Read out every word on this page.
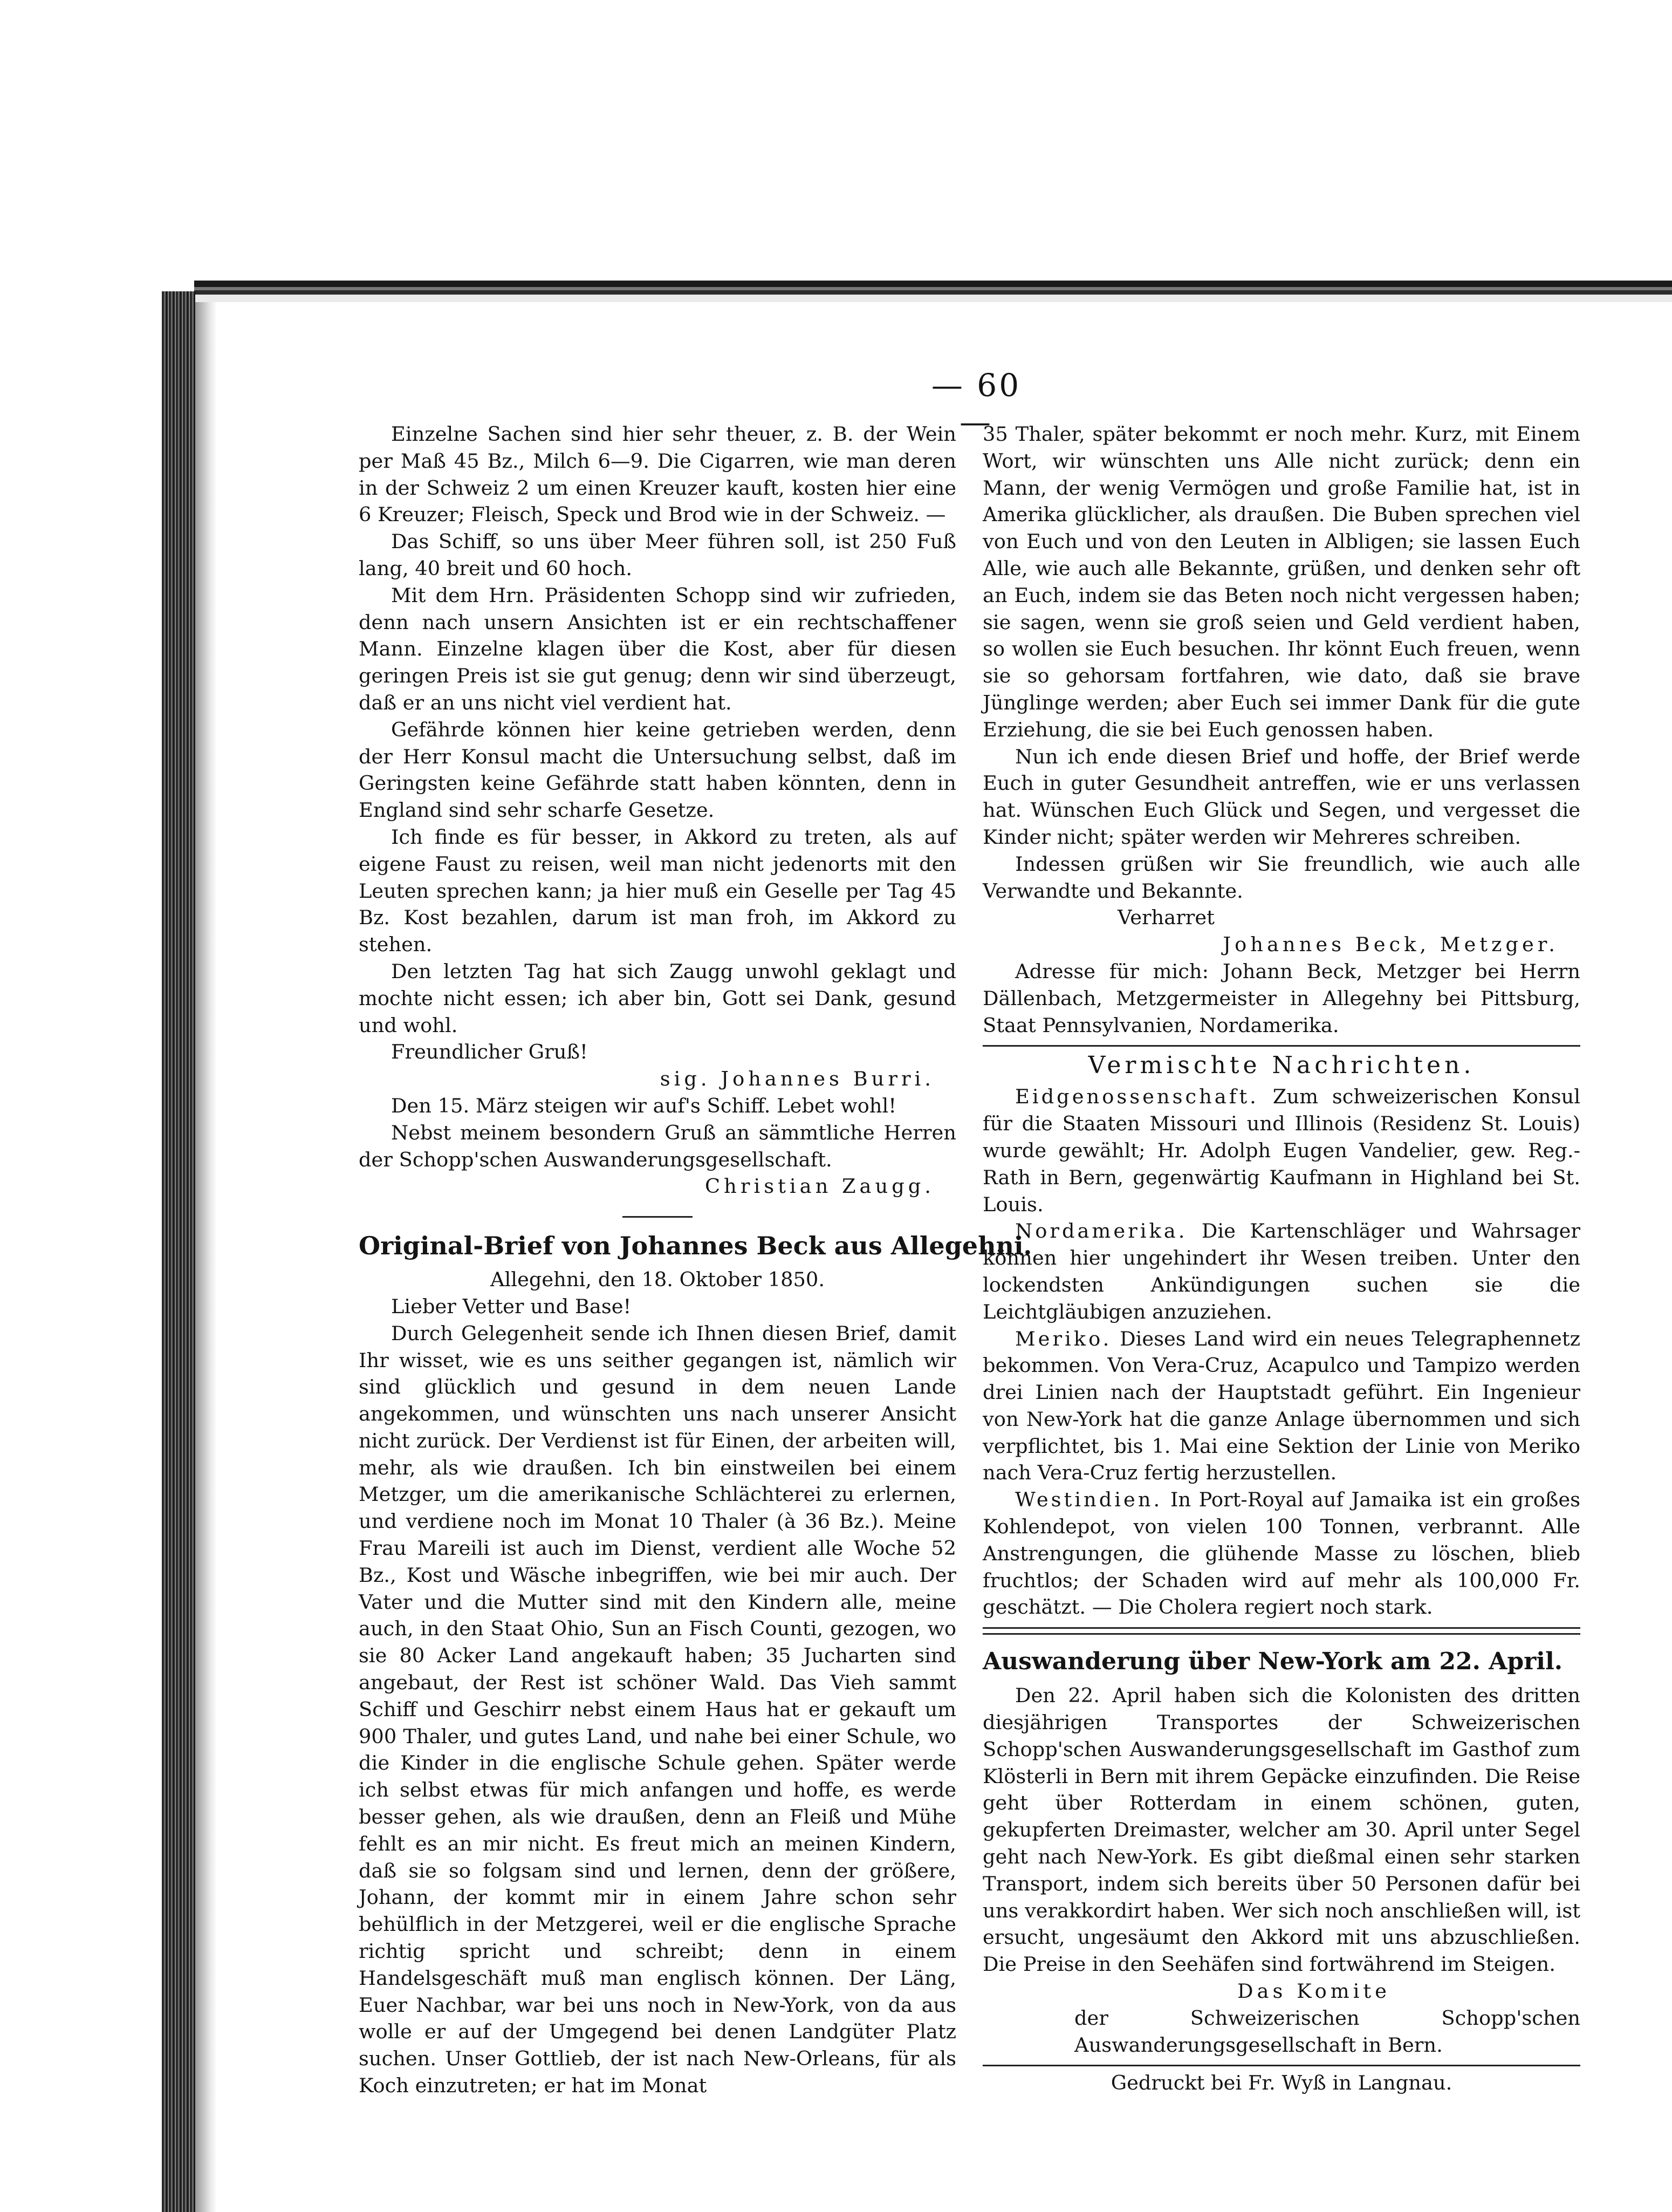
— 60 —

Einzelne Sachen sind hier sehr theuer, z. B. der Wein per Maß 45 Bz., Milch 6—9. Die Cigarren, wie man deren in der Schweiz 2 um einen Kreuzer kauft, kosten hier eine 6 Kreuzer; Fleisch, Speck und Brod wie in der Schweiz. —

Das Schiff, so uns über Meer führen soll, ist 250 Fuß lang, 40 breit und 60 hoch.

Mit dem Hrn. Präsidenten Schopp sind wir zufrieden, denn nach unsern Ansichten ist er ein rechtschaffener Mann. Einzelne klagen über die Kost, aber für diesen geringen Preis ist sie gut genug; denn wir sind überzeugt, daß er an uns nicht viel verdient hat.

Gefährde können hier keine getrieben werden, denn der Herr Konsul macht die Untersuchung selbst, daß im Geringsten keine Gefährde statt haben könnten, denn in England sind sehr scharfe Gesetze.

Ich finde es für besser, in Akkord zu treten, als auf eigene Faust zu reisen, weil man nicht jedenorts mit den Leuten sprechen kann; ja hier muß ein Geselle per Tag 45 Bz. Kost bezahlen, darum ist man froh, im Akkord zu stehen.

Den letzten Tag hat sich Zaugg unwohl geklagt und mochte nicht essen; ich aber bin, Gott sei Dank, gesund und wohl.

Freundlicher Gruß!

sig. Johannes Burri.

Den 15. März steigen wir auf's Schiff. Lebet wohl!

Nebst meinem besondern Gruß an sämmtliche Herren der Schopp'schen Auswanderungsgesellschaft.

Christian Zaugg.

Original-Brief von Johannes Beck aus Allegehni.

Allegehni, den 18. Oktober 1850.

Lieber Vetter und Base!

Durch Gelegenheit sende ich Ihnen diesen Brief, damit Ihr wisset, wie es uns seither gegangen ist, nämlich wir sind glücklich und gesund in dem neuen Lande angekommen, und wünschten uns nach unserer Ansicht nicht zurück. Der Verdienst ist für Einen, der arbeiten will, mehr, als wie draußen. Ich bin einstweilen bei einem Metzger, um die amerikanische Schlächterei zu erlernen, und verdiene noch im Monat 10 Thaler (à 36 Bz.). Meine Frau Mareili ist auch im Dienst, verdient alle Woche 52 Bz., Kost und Wäsche inbegriffen, wie bei mir auch. Der Vater und die Mutter sind mit den Kindern alle, meine auch, in den Staat Ohio, Sun an Fisch Counti, gezogen, wo sie 80 Acker Land angekauft haben; 35 Jucharten sind angebaut, der Rest ist schöner Wald. Das Vieh sammt Schiff und Geschirr nebst einem Haus hat er gekauft um 900 Thaler, und gutes Land, und nahe bei einer Schule, wo die Kinder in die englische Schule gehen. Später werde ich selbst etwas für mich anfangen und hoffe, es werde besser gehen, als wie draußen, denn an Fleiß und Mühe fehlt es an mir nicht. Es freut mich an meinen Kindern, daß sie so folgsam sind und lernen, denn der größere, Johann, der kommt mir in einem Jahre schon sehr behülflich in der Metzgerei, weil er die englische Sprache richtig spricht und schreibt; denn in einem Handelsgeschäft muß man englisch können. Der Läng, Euer Nachbar, war bei uns noch in New-York, von da aus wolle er auf der Umgegend bei denen Landgüter Platz suchen. Unser Gottlieb, der ist nach New-Orleans, für als Koch einzutreten; er hat im Monat

35 Thaler, später bekommt er noch mehr. Kurz, mit Einem Wort, wir wünschten uns Alle nicht zurück; denn ein Mann, der wenig Vermögen und große Familie hat, ist in Amerika glücklicher, als draußen. Die Buben sprechen viel von Euch und von den Leuten in Albligen; sie lassen Euch Alle, wie auch alle Bekannte, grüßen, und denken sehr oft an Euch, indem sie das Beten noch nicht vergessen haben; sie sagen, wenn sie groß seien und Geld verdient haben, so wollen sie Euch besuchen. Ihr könnt Euch freuen, wenn sie so gehorsam fortfahren, wie dato, daß sie brave Jünglinge werden; aber Euch sei immer Dank für die gute Erziehung, die sie bei Euch genossen haben.

Nun ich ende diesen Brief und hoffe, der Brief werde Euch in guter Gesundheit antreffen, wie er uns verlassen hat. Wünschen Euch Glück und Segen, und vergesset die Kinder nicht; später werden wir Mehreres schreiben.

Indessen grüßen wir Sie freundlich, wie auch alle Verwandte und Bekannte.

Verharret

Johannes Beck, Metzger.

Adresse für mich: Johann Beck, Metzger bei Herrn Dällenbach, Metzgermeister in Allegehny bei Pittsburg, Staat Pennsylvanien, Nordamerika.

Vermischte Nachrichten.

Eidgenossenschaft. Zum schweizerischen Konsul für die Staaten Missouri und Illinois (Residenz St. Louis) wurde gewählt; Hr. Adolph Eugen Vandelier, gew. Reg.-Rath in Bern, gegenwärtig Kaufmann in Highland bei St. Louis.

Nordamerika. Die Kartenschläger und Wahrsager können hier ungehindert ihr Wesen treiben. Unter den lockendsten Ankündigungen suchen sie die Leichtgläubigen anzuziehen.

Meriko. Dieses Land wird ein neues Telegraphennetz bekommen. Von Vera-Cruz, Acapulco und Tampizo werden drei Linien nach der Hauptstadt geführt. Ein Ingenieur von New-York hat die ganze Anlage übernommen und sich verpflichtet, bis 1. Mai eine Sektion der Linie von Meriko nach Vera-Cruz fertig herzustellen.

Westindien. In Port-Royal auf Jamaika ist ein großes Kohlendepot, von vielen 100 Tonnen, verbrannt. Alle Anstrengungen, die glühende Masse zu löschen, blieb fruchtlos; der Schaden wird auf mehr als 100,000 Fr. geschätzt. — Die Cholera regiert noch stark.

Auswanderung über New-York am 22. April.

Den 22. April haben sich die Kolonisten des dritten diesjährigen Transportes der Schweizerischen Schopp'schen Auswanderungsgesellschaft im Gasthof zum Klösterli in Bern mit ihrem Gepäcke einzufinden. Die Reise geht über Rotterdam in einem schönen, guten, gekupferten Dreimaster, welcher am 30. April unter Segel geht nach New-York. Es gibt dießmal einen sehr starken Transport, indem sich bereits über 50 Personen dafür bei uns verakkordirt haben. Wer sich noch anschließen will, ist ersucht, ungesäumt den Akkord mit uns abzuschließen. Die Preise in den Seehäfen sind fortwährend im Steigen.

Das Komite

der Schweizerischen Schopp'schen Auswanderungsgesellschaft in Bern.

Gedruckt bei Fr. Wyß in Langnau.
